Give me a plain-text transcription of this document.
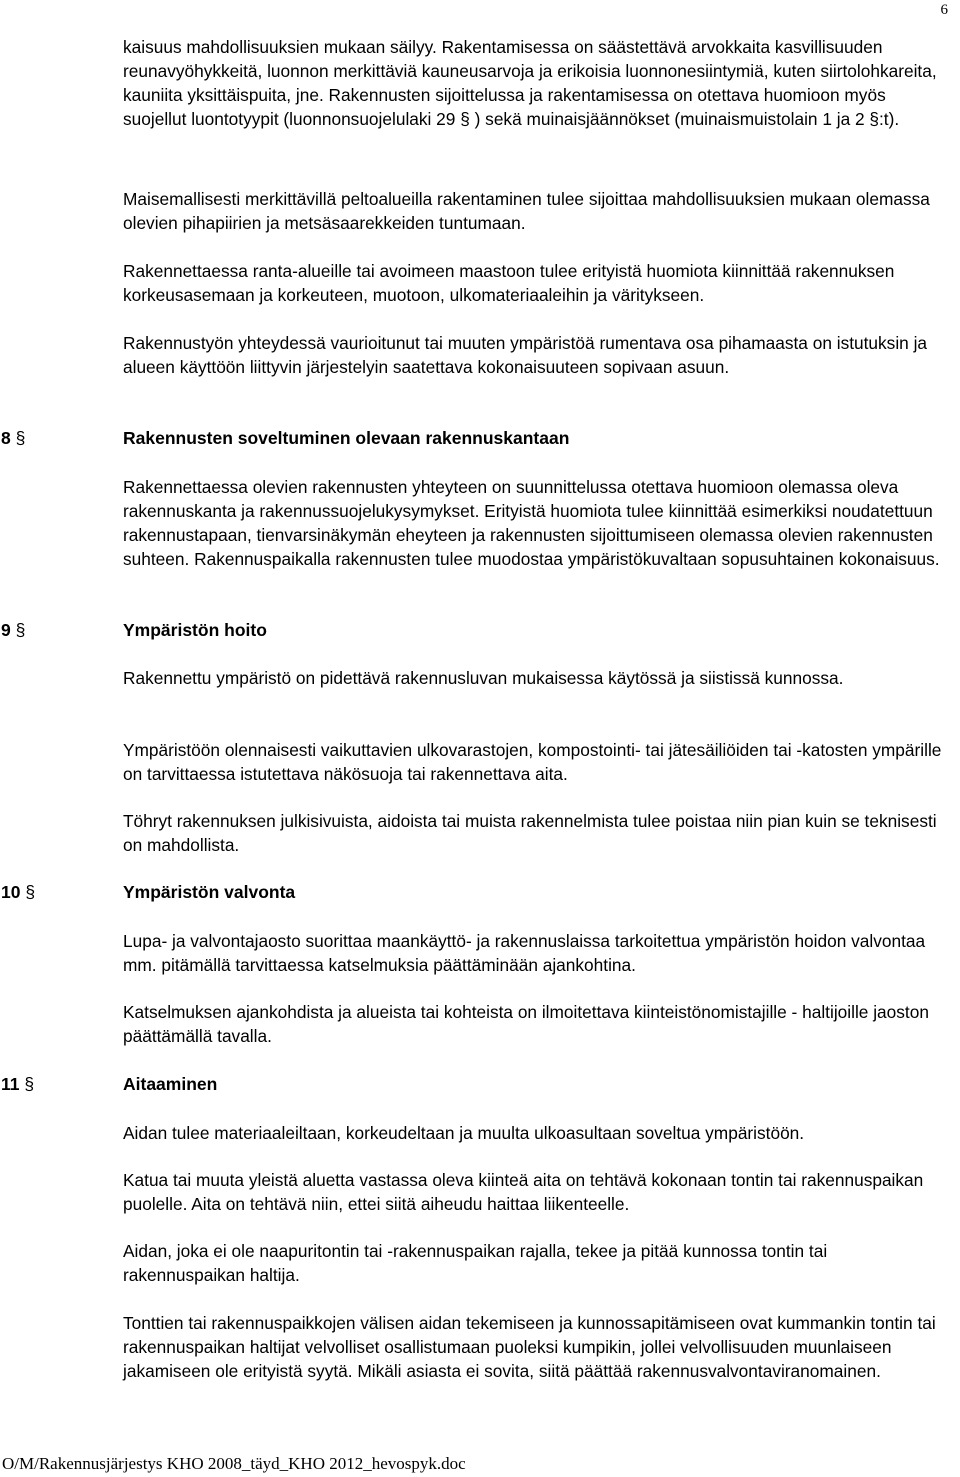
6

kaisuus mahdollisuuksien mukaan säilyy. Rakentamisessa on säästettävä arvokkaita kasvillisuuden reunavyöhykkeitä, luonnon merkittäviä kauneusarvoja ja erikoisia luonnonesiintymiä, kuten siirtolohkareita, kauniita yksittäispuita, jne. Rakennusten sijoittelussa ja rakentamisessa on otettava huomioon myös suojellut luontotyypit (luonnonsuojelulaki 29 § ) sekä muinaisjäännökset (muinaismuistolain 1 ja 2 §:t).

Maisemallisesti merkittävillä peltoalueilla rakentaminen tulee sijoittaa mahdollisuuksien mukaan olemassa olevien pihapiirien ja metsäsaarekkeiden tuntumaan.

Rakennettaessa ranta-alueille tai avoimeen maastoon tulee erityistä huomiota kiinnittää rakennuksen korkeusasemaan ja korkeuteen, muotoon, ulkomateriaaleihin ja väritykseen.

Rakennustyön yhteydessä vaurioitunut tai muuten ympäristöä rumentava osa pihamaasta on istutuksin ja alueen käyttöön liittyvin järjestelyin saatettava kokonaisuuteen sopivaan asuun.

8 §	Rakennusten soveltuminen olevaan rakennuskantaan

Rakennettaessa olevien rakennusten yhteyteen on suunnittelussa otettava huomioon olemassa oleva rakennuskanta ja rakennussuojelukysymykset. Erityistä huomiota tulee kiinnittää esimerkiksi noudatettuun rakennustapaan, tienvarsinäkymän eheyteen ja rakennusten sijoittumiseen olemassa olevien rakennusten suhteen. Rakennuspaikalla rakennusten tulee muodostaa ympäristökuvaltaan sopusuhtainen kokonaisuus.

9 §	Ympäristön hoito

Rakennettu ympäristö on pidettävä rakennusluvan mukaisessa käytössä ja siistissä kunnossa.

Ympäristöön olennaisesti vaikuttavien ulkovarastojen, kompostointi- tai jätesäiliöiden tai -katosten ympärille on tarvittaessa istutettava näkösuoja tai rakennettava aita.

Töhryt rakennuksen julkisivuista, aidoista tai muista rakennelmista tulee poistaa niin pian kuin se teknisesti on mahdollista.

10 §	Ympäristön valvonta

Lupa- ja valvontajaosto suorittaa maankäyttö- ja rakennuslaissa tarkoitettua ympäristön hoidon valvontaa mm. pitämällä tarvittaessa katselmuksia päättäminään ajankohtina.

Katselmuksen ajankohdista ja alueista tai kohteista on ilmoitettava kiinteistönomistajille - haltijoille jaoston päättämällä tavalla.

11 §	Aitaaminen

Aidan tulee materiaaleiltaan, korkeudeltaan ja muulta ulkoasultaan soveltua ympäristöön.

Katua tai muuta yleistä aluetta vastassa oleva kiinteä aita on tehtävä kokonaan tontin tai rakennuspaikan puolelle. Aita on tehtävä niin, ettei siitä aiheudu haittaa liikenteelle.

Aidan, joka ei ole naapuritontin tai -rakennuspaikan rajalla, tekee ja pitää kunnossa tontin tai rakennuspaikan haltija.

Tonttien tai rakennuspaikkojen välisen aidan tekemiseen ja kunnossapitämiseen ovat kummankin tontin tai rakennuspaikan haltijat velvolliset osallistumaan puoleksi kumpikin, jollei velvollisuuden muunlaiseen jakamiseen ole erityistä syytä. Mikäli asiasta ei sovita, siitä päättää rakennusvalvontaviranomainen.

O/M/Rakennusjärjestys KHO 2008_täyd_KHO 2012_hevospyk.doc
